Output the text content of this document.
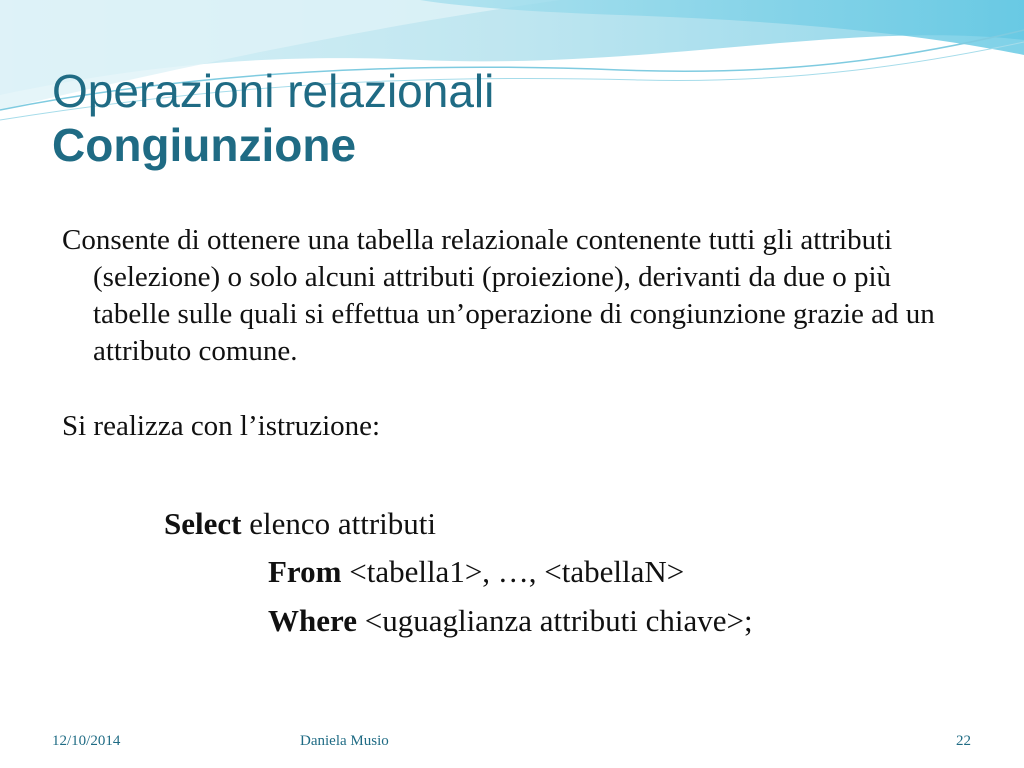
Operazioni relazionali
Congiunzione

Consente di ottenere una tabella relazionale contenente tutti gli attributi (selezione) o solo alcuni attributi (proiezione), derivanti da due o più tabelle sulle quali si effettua un’operazione di congiunzione grazie ad un attributo comune.

Si realizza con l’istruzione:

Select elenco attributi
From <tabella1>, …, <tabellaN>
Where <uguaglianza attributi chiave>;
12/10/2014	Daniela Musio	22
